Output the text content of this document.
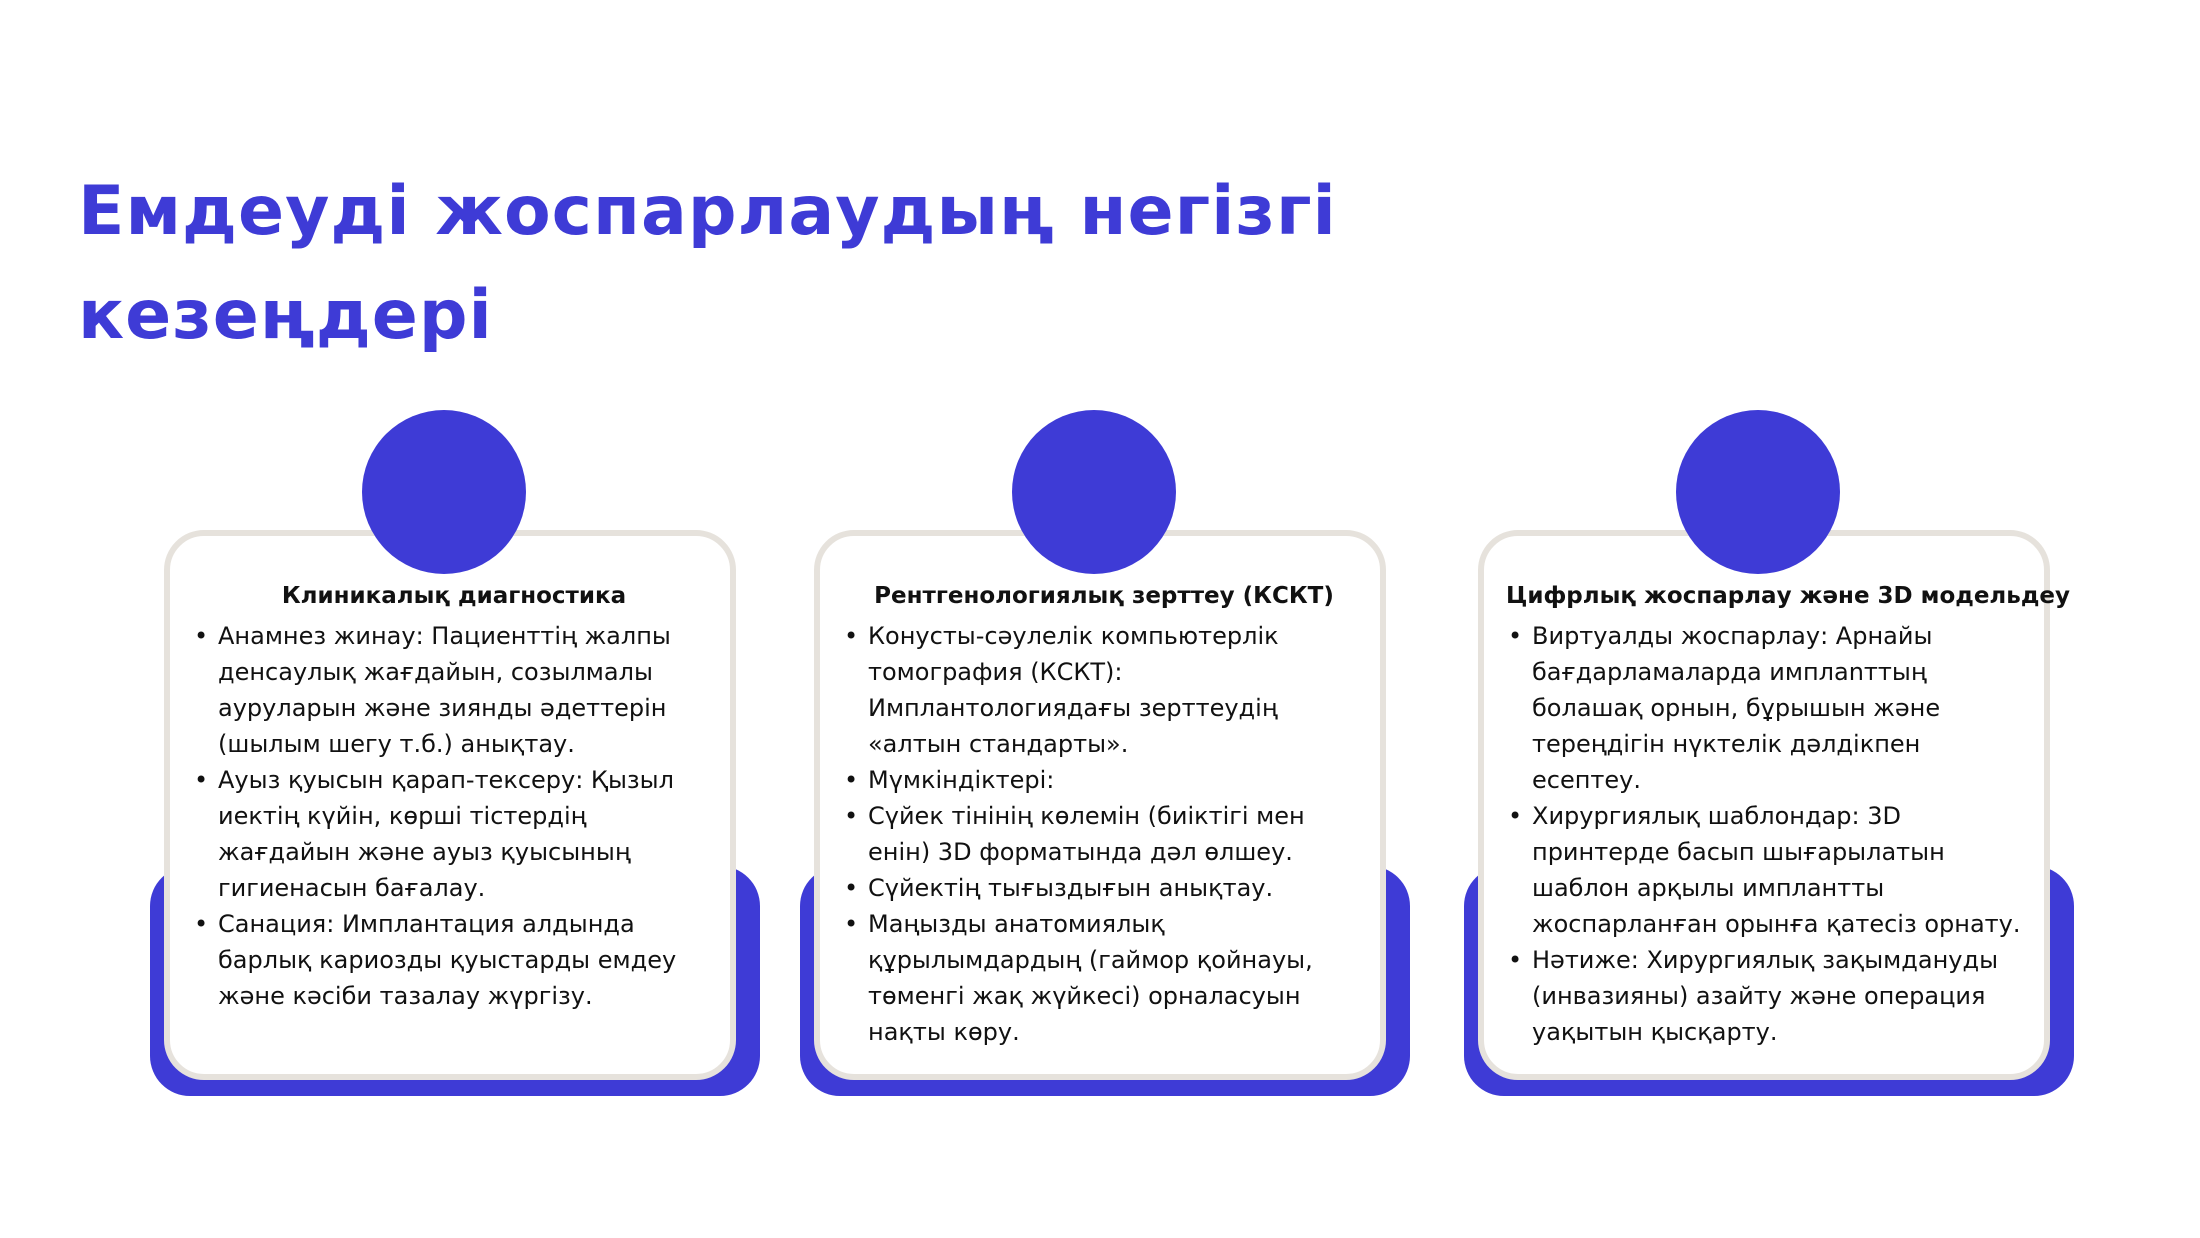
Емдеуді жоспарлаудың негізгі кезеңдері
Клиникалық диагностика
• Анамнез жинау: Пациенттің жалпы денсаулық жағдайын, созылмалы ауруларын және зиянды әдеттерін (шылым шегу т.б.) анықтау.
• Ауыз қуысын қарап-тексеру: Қызыл иектің күйін, көрші тістердің жағдайын және ауыз қуысының гигиенасын бағалау.
• Санация: Имплантация алдында барлық кариозды қуыстарды емдеу және кәсіби тазалау жүргізу.
Рентгенологиялық зерттеу (КСКТ)
• Конусты-сәулелік компьютерлік томография (КСКТ): Имплантологиядағы зерттеудің «алтын стандарты».
• Мүмкіндіктері:
• Сүйек тінінің көлемін (биіктігі мен енін) 3D форматында дәл өлшеу.
• Сүйектің тығыздығын анықтау.
• Маңызды анатомиялық құрылымдардың (гаймор қойнауы, төменгі жақ жүйкесі) орналасуын нақты көру.
Цифрлық жоспарлау және 3D модельдеу
• Виртуалды жоспарлау: Арнайы бағдарламаларда имплanттың болашақ орнын, бұрышын және тереңдігін нүктелік дәлдікпен есептеу.
• Хирургиялық шаблондар: 3D принтерде басып шығарылатын шаблон арқылы имплантты жоспарланған орынға қатесіз орнату.
• Нәтиже: Хирургиялық зақымдануды (инвазияны) азайту және операция уақытын қысқарту.
